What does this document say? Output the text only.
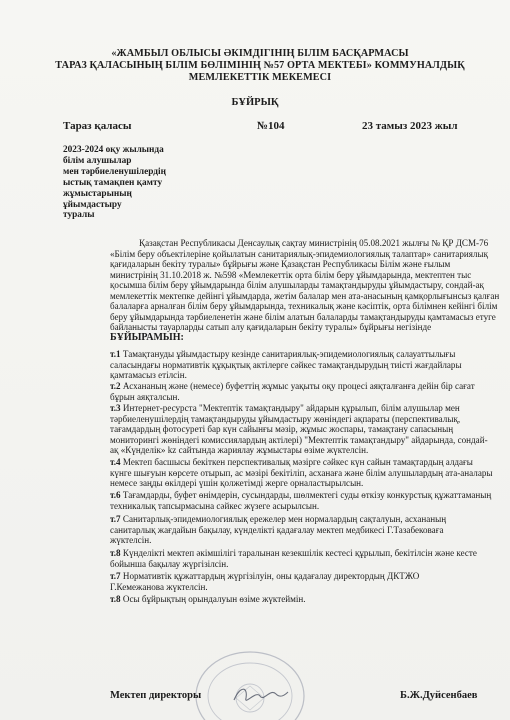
«ЖАМБЫЛ ОБЛЫСЫ ӘКІМДІГІНІҢ БІЛІМ БАСҚАРМАСЫ
ТАРАЗ ҚАЛАСЫНЫҢ БІЛІМ БӨЛІМІНІҢ №57 ОРТА МЕКТЕБІ» КОММУНАЛДЫҚ
МЕМЛЕКЕТТІК МЕКЕМЕСІ
БҰЙРЫҚ
Тараз қаласы	№104	23 тамыз 2023 жыл
2023-2024 оқу жылында
білім алушылар
мен тәрбиеленушілердің
ыстық тамақпен қамту
жұмыстарының
ұйымдастыру
туралы
Қазақстан Республикасы Денсаулық сақтау министрінің 05.08.2021 жылғы № ҚР ДСМ-76
«Білім беру объектілеріне қойылатын санитариялық-эпидемиологиялық талаптар» санитариялық
қағидаларын бекіту туралы» бұйрығы және Қазақстан Республикасы Білім және ғылым
министрінің 31.10.2018 ж. №598 «Мемлекеттік орта білім беру ұйымдарында, мектептен тыс
қосымша білім беру ұйымдарында білім алушыларды тамақтандыруды ұйымдастыру, сондай-ақ
мемлекеттік мектепке дейінгі ұйымдарда, жетім балалар мен ата-анасының қамқорлығынсыз қалған
балаларға арналған білім беру ұйымдарында, техникалық және кәсіптік, орта білімнен кейінгі білім
беру ұйымдарында тәрбиеленетін және білім алатын балаларды тамақтандыруды қамтамасыз етуге
байланысты тауарларды сатып алу қағидаларын бекіту туралы» бұйрығы негізінде
БҰЙЫРАМЫН:
т.1 Тамақтануды ұйымдастыру кезінде санитариялық-эпидемиологиялық салауаттылығы
саласындағы нормативтік құқықтық актілерге сәйкес тамақтандырудың тиісті жағдайлары
қамтамасыз етілсін.
т.2 Асхананың және (немесе) буфеттің жұмыс уақыты оқу процесі аяқталғанға дейін бір сағат
бұрын аяқталсын.
т.3 Интернет-ресурста "Мектептік тамақтандыру" айдарын құрылып, білім алушылар мен
тәрбиеленушілердің тамақтандыруды ұйымдастыру жөніндегі ақпараты (перспективалық,
тағамдардың фотосуреті бар күн сайынғы мәзір, жұмыс жоспары, тамақтану сапасының
мониторингі жөніндегі комиссиялардың актілері) "Мектептік тамақтандыру" айдарында, сондай-
ақ «Күнделік» kz сайтында жариялау жұмыстары өзіме жүктелсін.
т.4 Мектеп басшысы бекіткен перспективалық мәзірге сәйкес күн сайын тамақтардың алдағы
күнге шығуын көрсете отырып, ас мәзірі бекітіліп, асханаға және білім алушылардың ата-аналары
немесе заңды өкілдері үшін қолжетімді жерге орналастырылсын.
т.6 Тағамдарды, буфет өнімдерін, сусындарды, шөлмектегі суды өткізу конкурстық құжаттаманың
техникалық тапсырмасына сәйкес жүзеге асырылсын.
т.7 Санитарлық-эпидемиологиялық ережелер мен нормалардың сақталуын, асхананың
санитарлық жағдайын бақылау, күнделікті қадағалау мектеп медбикесі Г.Тазабековаға
жүктелсін.
т.8 Күнделікті мектеп әкімшілігі таралынан кезекшілік кестесі құрылып, бекітілсін және кесте
бойынша бақылау жүргізілсін.
т.7 Нормативтік құжаттардың жүргізілуін, оны қадағалау директордың ДКТЖО
Г.Кемежанова жүктелсін.
т.8 Осы бұйрықтың орындалуын өзіме жүктеймін.
Мектеп директоры	Б.Ж.Дуйсенбаев
